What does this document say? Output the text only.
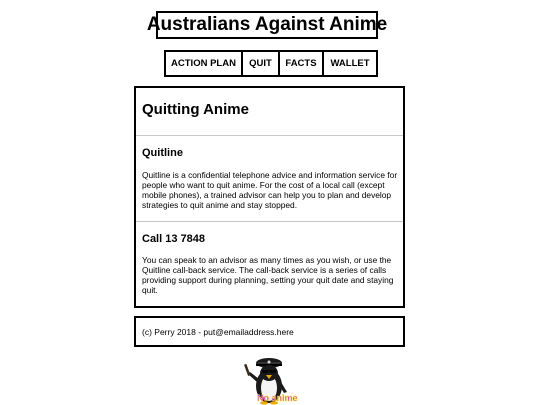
Australians Against Anime
ACTION PLAN	QUIT	FACTS	WALLET
Quitting Anime
Quitline

Quitline is a confidential telephone advice and information service for people who want to quit anime. For the cost of a local call (except mobile phones), a trained advisor can help you to plan and develop strategies to quit anime and stay stopped.

Call 13 7848

You can speak to an advisor as many times as you wish, or use the Quitline call-back service. The call-back service is a series of calls providing support during planning, setting your quit date and staying quit.

(c) Perry 2018 - put@emailaddress.here
No anime
